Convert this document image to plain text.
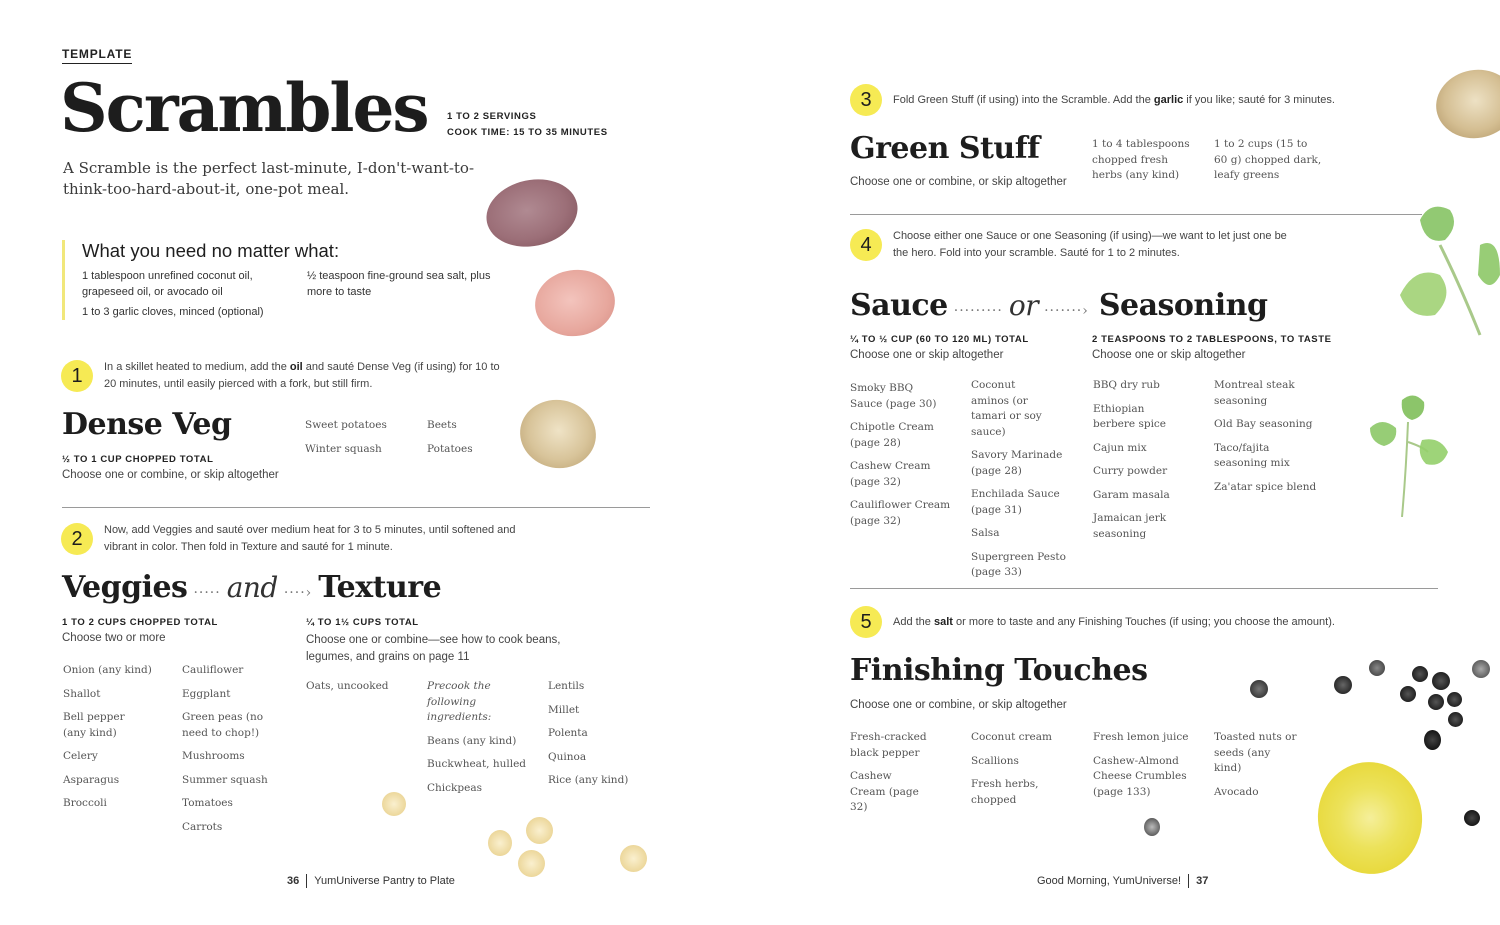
TEMPLATE
Scrambles 1 TO 2 SERVINGS
COOK TIME: 15 TO 35 MINUTES
A Scramble is the perfect last-minute, I-don't-want-to-think-too-hard-about-it, one-pot meal.
What you need no matter what:
1 tablespoon unrefined coconut oil, grapeseed oil, or avocado oil
½ teaspoon fine-ground sea salt, plus more to taste
1 to 3 garlic cloves, minced (optional)
1	In a skillet heated to medium, add the oil and sauté Dense Veg (if using) for 10 to 20 minutes, until easily pierced with a fork, but still firm.
Dense Veg
½ TO 1 CUP CHOPPED TOTAL
Choose one or combine, or skip altogether
Sweet potatoes
Winter squash
Beets
Potatoes
2	Now, add Veggies and sauté over medium heat for 3 to 5 minutes, until softened and vibrant in color. Then fold in Texture and sauté for 1 minute.
Veggies ····· and ····› Texture
1 TO 2 CUPS CHOPPED TOTAL
Choose two or more
Onion (any kind)
Shallot
Bell pepper (any kind)
Celery
Asparagus
Broccoli
Cauliflower
Eggplant
Green peas (no need to chop!)
Mushrooms
Summer squash
Tomatoes
Carrots
¼ TO 1½ CUPS TOTAL
Choose one or combine—see how to cook beans, legumes, and grains on page 11
Oats, uncooked	Precook the following ingredients:
Beans (any kind)
Buckwheat, hulled
Chickpeas
Lentils
Millet
Polenta
Quinoa
Rice (any kind)
36 YumUniverse Pantry to Plate
3	Fold Green Stuff (if using) into the Scramble. Add the garlic if you like; sauté for 3 minutes.
Green Stuff
Choose one or combine, or skip altogether
1 to 4 tablespoons chopped fresh herbs (any kind)
1 to 2 cups (15 to 60 g) chopped dark, leafy greens
4	Choose either one Sauce or one Seasoning (if using)—we want to let just one be the hero. Fold into your scramble. Sauté for 1 to 2 minutes.
Sauce ········· or ·······› Seasoning
¼ TO ½ CUP (60 TO 120 ML) TOTAL
Choose one or skip altogether
2 TEASPOONS TO 2 TABLESPOONS, TO TASTE
Choose one or skip altogether
Smoky BBQ Sauce (page 30)
Chipotle Cream (page 28)
Cashew Cream (page 32)
Cauliflower Cream (page 32)
Coconut aminos (or tamari or soy sauce)
Savory Marinade (page 28)
Enchilada Sauce (page 31)
Salsa
Supergreen Pesto (page 33)
BBQ dry rub
Ethiopian berbere spice
Cajun mix
Curry powder
Garam masala
Jamaican jerk seasoning
Montreal steak seasoning
Old Bay seasoning
Taco/fajita seasoning mix
Za'atar spice blend
5	Add the salt or more to taste and any Finishing Touches (if using; you choose the amount).
Finishing Touches
Choose one or combine, or skip altogether
Fresh-cracked black pepper
Cashew Cream (page 32)
Coconut cream
Scallions
Fresh herbs, chopped
Fresh lemon juice
Cashew-Almond Cheese Crumbles (page 133)
Toasted nuts or seeds (any kind)
Avocado
Good Morning, YumUniverse! 37
